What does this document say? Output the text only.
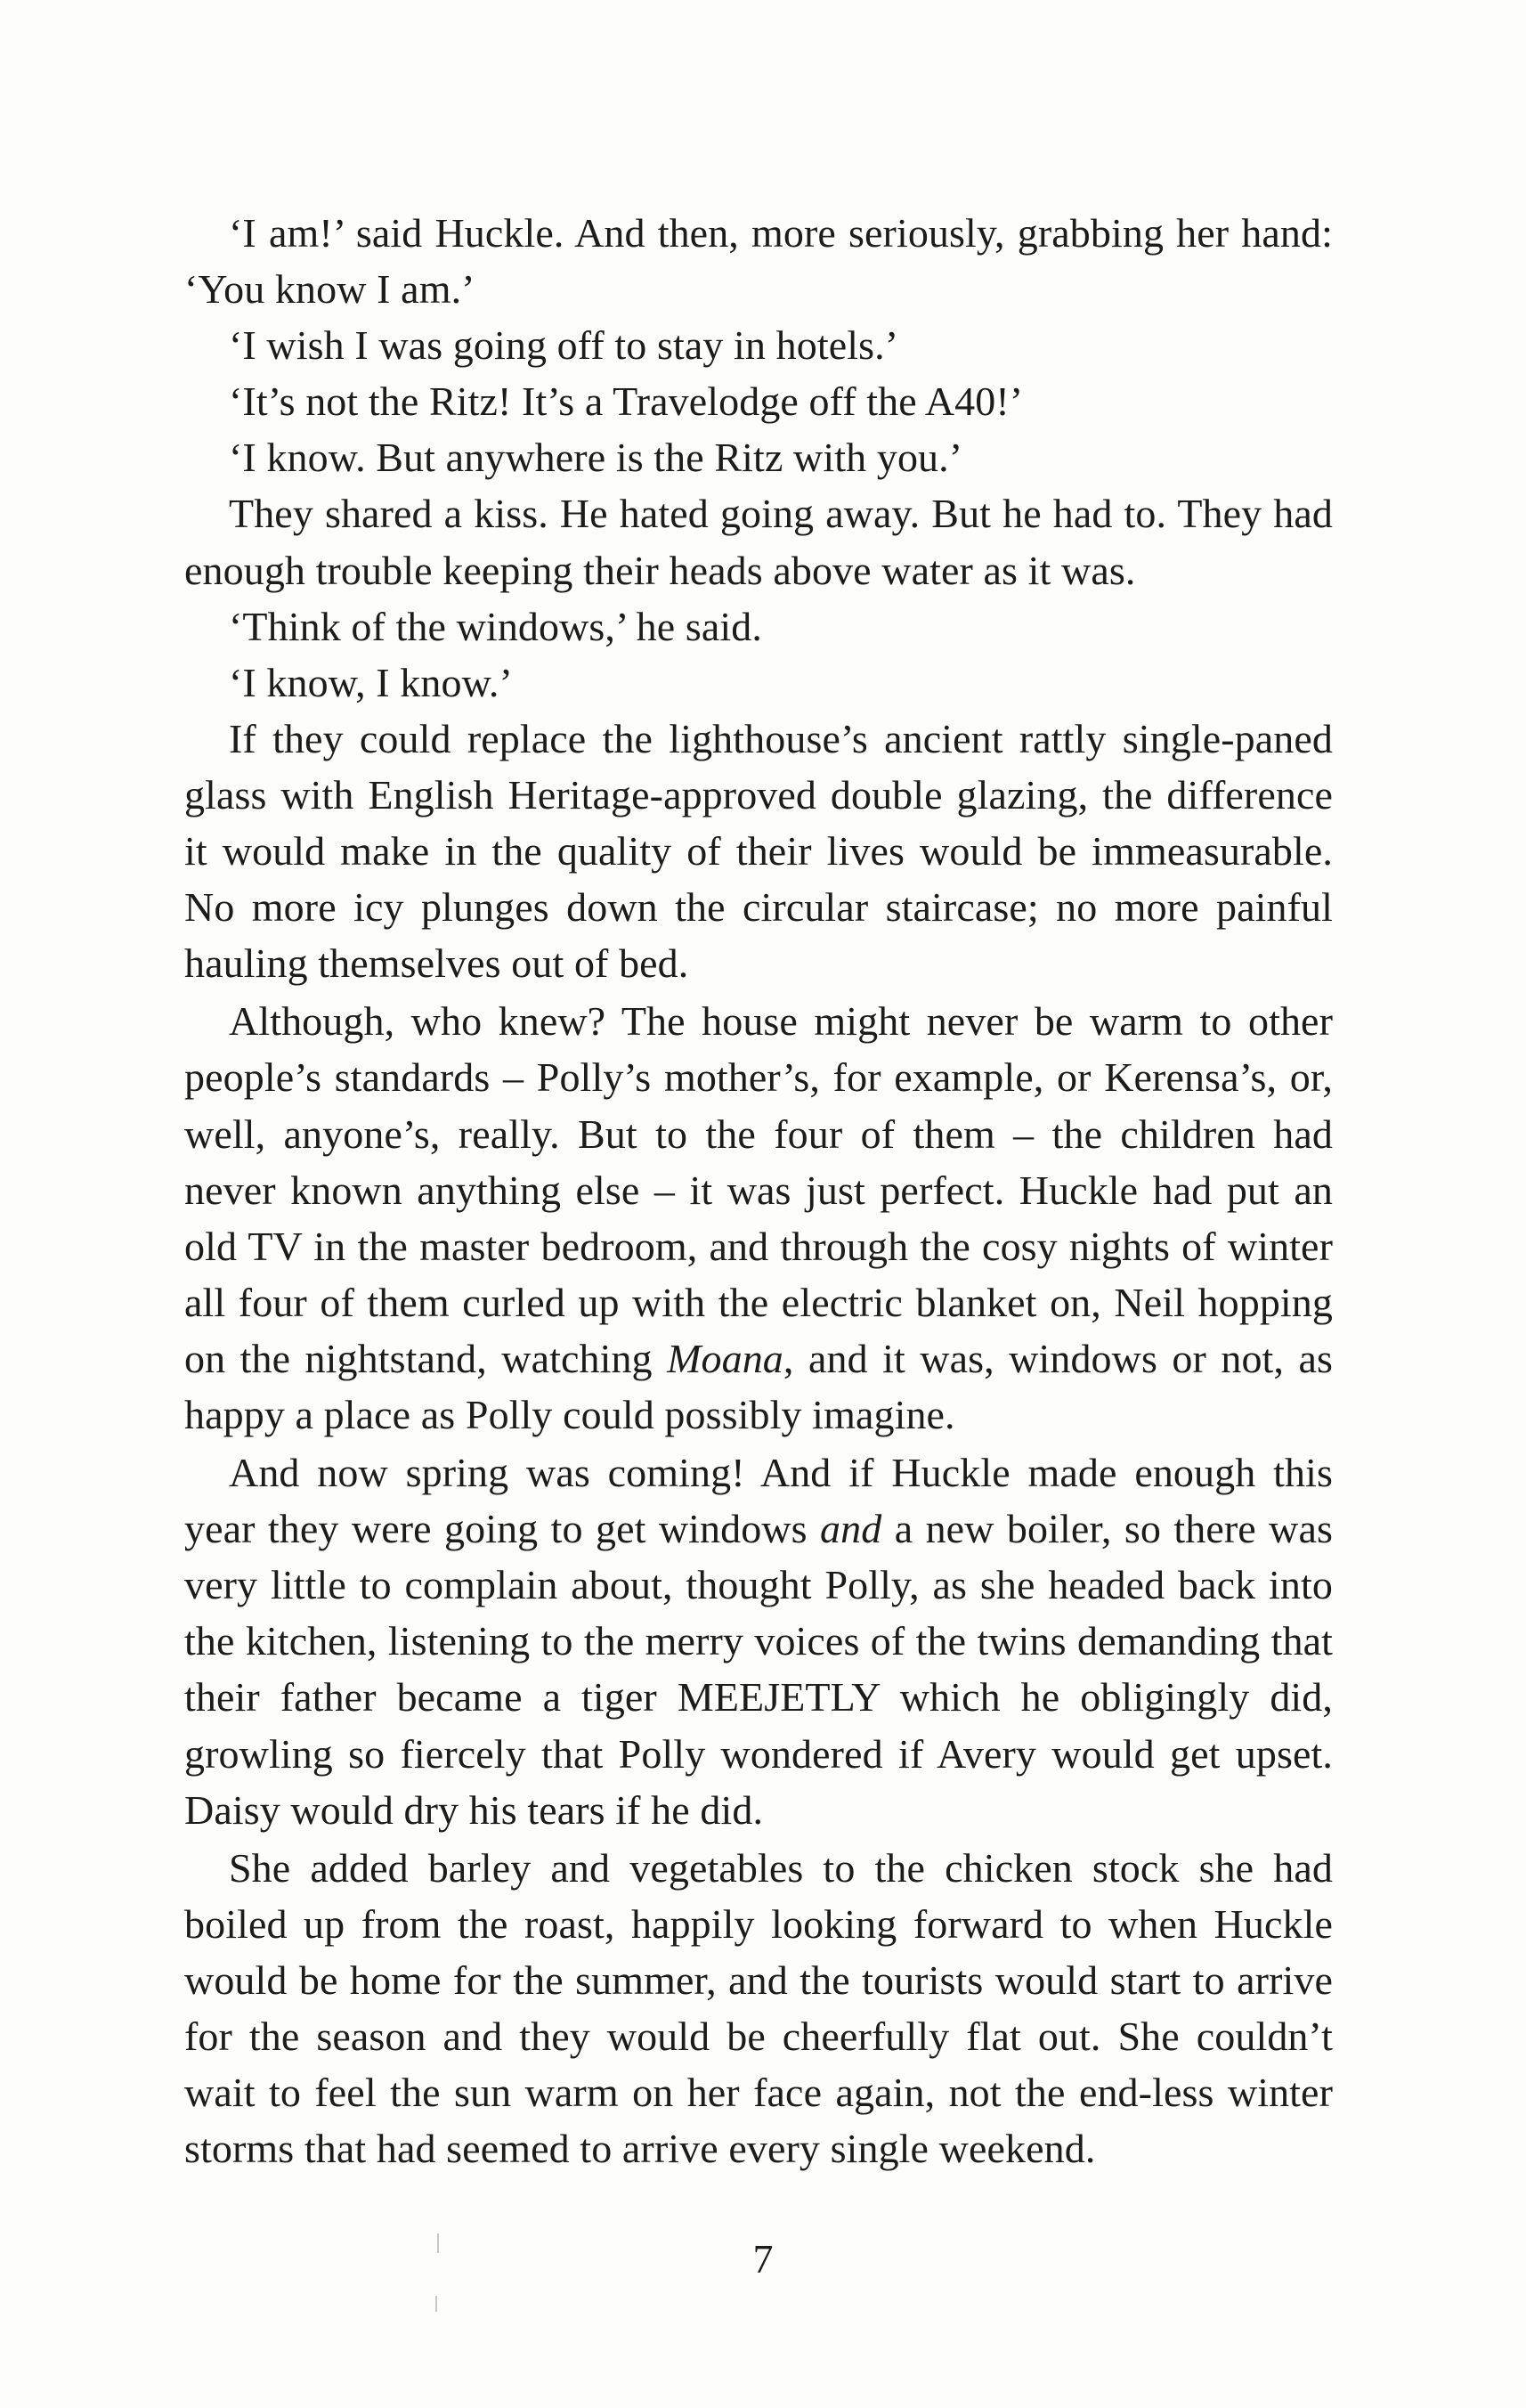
‘I am!’ said Huckle. And then, more seriously, grabbing her hand: ‘You know I am.’

‘I wish I was going off to stay in hotels.’

‘It’s not the Ritz! It’s a Travelodge off the A40!’

‘I know. But anywhere is the Ritz with you.’

They shared a kiss. He hated going away. But he had to. They had enough trouble keeping their heads above water as it was.

‘Think of the windows,’ he said.

‘I know, I know.’

If they could replace the lighthouse’s ancient rattly single-paned glass with English Heritage-approved double glazing, the difference it would make in the quality of their lives would be immeasurable. No more icy plunges down the circular staircase; no more painful hauling themselves out of bed.

Although, who knew? The house might never be warm to other people’s standards – Polly’s mother’s, for example, or Kerensa’s, or, well, anyone’s, really. But to the four of them – the children had never known anything else – it was just perfect. Huckle had put an old TV in the master bedroom, and through the cosy nights of winter all four of them curled up with the electric blanket on, Neil hopping on the nightstand, watching Moana, and it was, windows or not, as happy a place as Polly could possibly imagine.

And now spring was coming! And if Huckle made enough this year they were going to get windows and a new boiler, so there was very little to complain about, thought Polly, as she headed back into the kitchen, listening to the merry voices of the twins demanding that their father became a tiger MEEJETLY which he obligingly did, growling so fiercely that Polly wondered if Avery would get upset. Daisy would dry his tears if he did.

She added barley and vegetables to the chicken stock she had boiled up from the roast, happily looking forward to when Huckle would be home for the summer, and the tourists would start to arrive for the season and they would be cheerfully flat out. She couldn’t wait to feel the sun warm on her face again, not the end-less winter storms that had seemed to arrive every single weekend.

7
